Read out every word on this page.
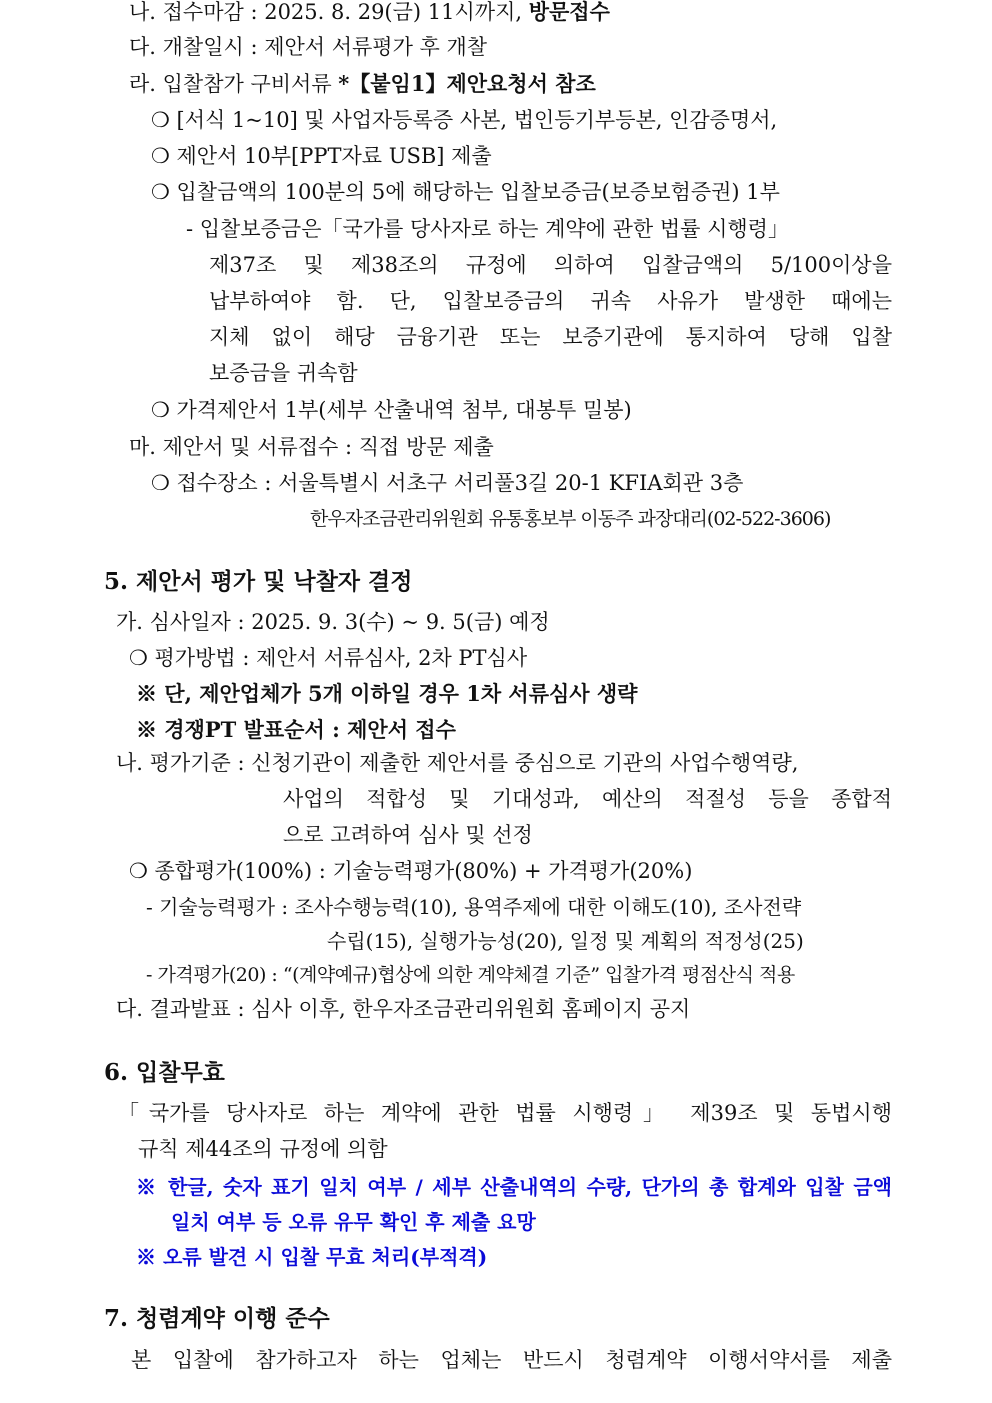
나. 접수마감 : 2025. 8. 29(금) 11시까지, 방문접수

다. 개찰일시 : 제안서 서류평가 후 개찰

라. 입찰참가 구비서류 *【붙임1】제안요청서 참조

❍ [서식 1~10] 및 사업자등록증 사본, 법인등기부등본, 인감증명서,

❍ 제안서 10부[PPT자료 USB] 제출

❍ 입찰금액의 100분의 5에 해당하는 입찰보증금(보증보험증권) 1부

- 입찰보증금은「국가를 당사자로 하는 계약에 관한 법률 시행령」

제37조 및 제38조의 규정에 의하여 입찰금액의 5/100이상을

납부하여야 함. 단, 입찰보증금의 귀속 사유가 발생한 때에는

지체 없이 해당 금융기관 또는 보증기관에 통지하여 당해 입찰

보증금을 귀속함

❍ 가격제안서 1부(세부 산출내역 첨부, 대봉투 밀봉)

마. 제안서 및 서류접수 : 직접 방문 제출

❍ 접수장소 : 서울특별시 서초구 서리풀3길 20-1 KFIA회관 3층

한우자조금관리위원회 유통홍보부 이동주 과장대리(02-522-3606)

5. 제안서 평가 및 낙찰자 결정

가. 심사일자 : 2025. 9. 3(수) ~ 9. 5(금) 예정

❍ 평가방법 : 제안서 서류심사, 2차 PT심사

※ 단, 제안업체가 5개 이하일 경우 1차 서류심사 생략

※ 경쟁PT 발표순서 : 제안서 접수

나. 평가기준 : 신청기관이 제출한 제안서를 중심으로 기관의 사업수행역량,

사업의 적합성 및 기대성과, 예산의 적절성 등을 종합적

으로 고려하여 심사 및 선정

❍ 종합평가(100%) : 기술능력평가(80%) + 가격평가(20%)

- 기술능력평가 : 조사수행능력(10), 용역주제에 대한 이해도(10), 조사전략

수립(15), 실행가능성(20), 일정 및 계획의 적정성(25)

- 가격평가(20) : “(계약예규)협상에 의한 계약체결 기준” 입찰가격 평점산식 적용

다. 결과발표 : 심사 이후, 한우자조금관리위원회 홈페이지 공지

6. 입찰무효

「국가를 당사자로 하는 계약에 관한 법률 시행령」 제39조 및 동법시행

규칙 제44조의 규정에 의함

※ 한글, 숫자 표기 일치 여부 / 세부 산출내역의 수량, 단가의 총 합계와 입찰 금액

일치 여부 등 오류 유무 확인 후 제출 요망

※ 오류 발견 시 입찰 무효 처리(부적격)

7. 청렴계약 이행 준수

본 입찰에 참가하고자 하는 업체는 반드시 청렴계약 이행서약서를 제출
